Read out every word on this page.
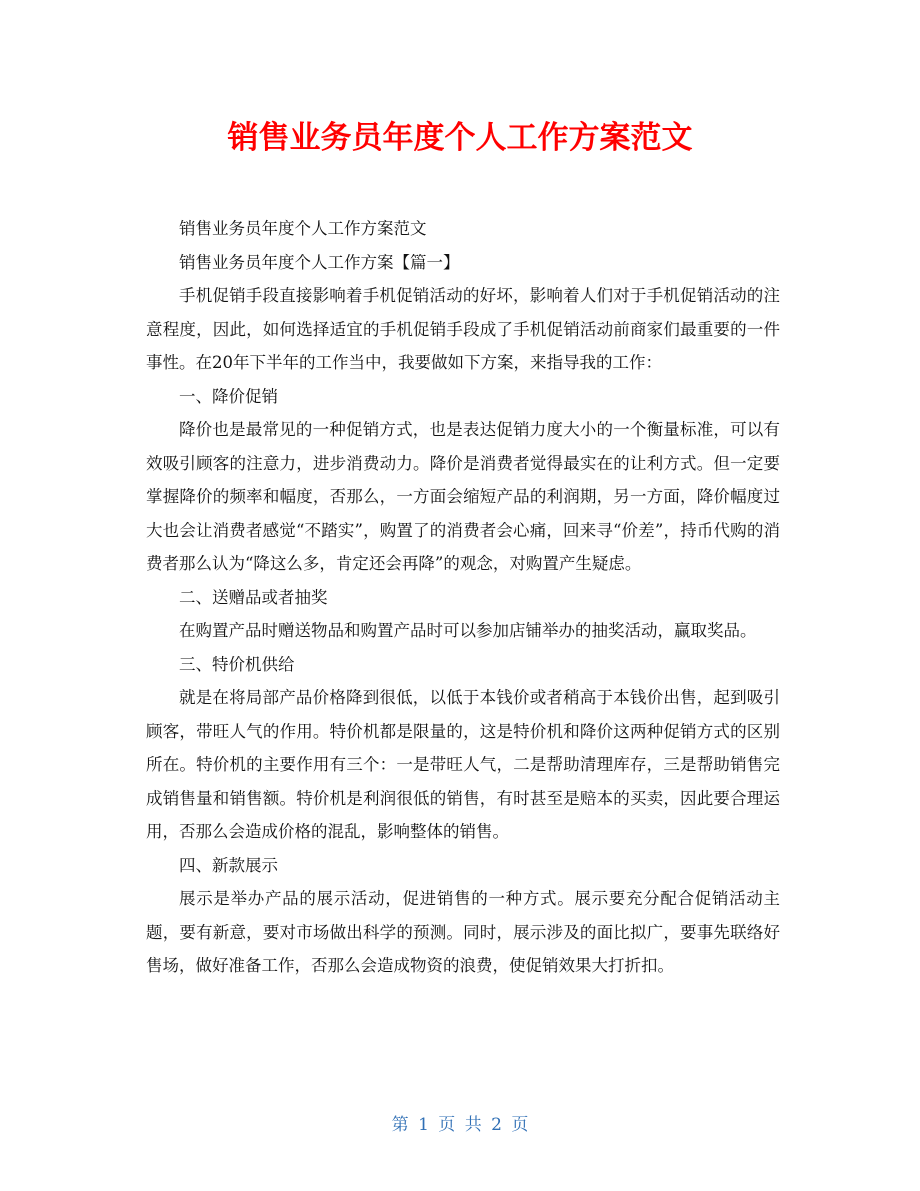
销售业务员年度个人工作方案范文

销售业务员年度个人工作方案范文

销售业务员年度个人工作方案【篇一】

手机促销手段直接影响着手机促销活动的好坏，影响着人们对于手机促销活动的注意程度，因此，如何选择适宜的手机促销手段成了手机促销活动前商家们最重要的一件事性。在20年下半年的工作当中，我要做如下方案，来指导我的工作：

一、降价促销

降价也是最常见的一种促销方式，也是表达促销力度大小的一个衡量标准，可以有效吸引顾客的注意力，进步消费动力。降价是消费者觉得最实在的让利方式。但一定要掌握降价的频率和幅度，否那么，一方面会缩短产品的利润期，另一方面，降价幅度过大也会让消费者感觉“不踏实”，购置了的消费者会心痛，回来寻“价差”，持币代购的消费者那么认为“降这么多，肯定还会再降”的观念，对购置产生疑虑。

二、送赠品或者抽奖

在购置产品时赠送物品和购置产品时可以参加店铺举办的抽奖活动，赢取奖品。

三、特价机供给

就是在将局部产品价格降到很低，以低于本钱价或者稍高于本钱价出售，起到吸引顾客，带旺人气的作用。特价机都是限量的，这是特价机和降价这两种促销方式的区别所在。特价机的主要作用有三个：一是带旺人气，二是帮助清理库存，三是帮助销售完成销售量和销售额。特价机是利润很低的销售，有时甚至是赔本的买卖，因此要合理运用，否那么会造成价格的混乱，影响整体的销售。

四、新款展示

展示是举办产品的展示活动，促进销售的一种方式。展示要充分配合促销活动主题，要有新意，要对市场做出科学的预测。同时，展示涉及的面比拟广，要事先联络好售场，做好准备工作，否那么会造成物资的浪费，使促销效果大打折扣。

第 1 页 共 2 页
